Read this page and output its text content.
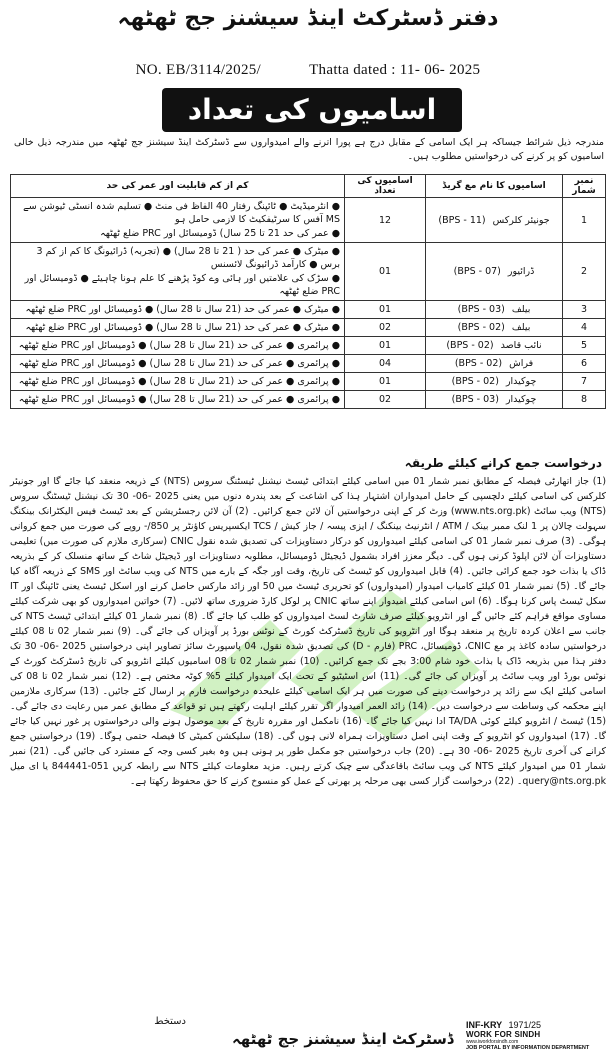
دفتر ڈسٹرکٹ اینڈ سیشنز جج ٹھٹھہ
NO. EB/3114/2025/	Thatta dated : 11- 06- 2025
اسامیوں کی تعداد
مندرجہ ذیل شرائط جیساکہ ہر ایک اسامی کے مقابل درج ہے پورا اترنے والے امیدواروں سے ڈسٹرکٹ اینڈ سیشنز جج ٹھٹھہ میں مندرجہ ذیل خالی اسامیوں کو پر کرنے کی درخواستیں مطلوب ہیں۔
نمبر شمار	اسامیوں کا نام مع گریڈ	اسامیوں کی تعداد	کم از کم قابلیت اور عمر کی حد
1	جونیئر کلرکس (BPS - 11)	12	● انٹرمیڈیٹ ● ٹائپنگ رفتار 40 الفاظ فی منٹ ● تسلیم شدہ انسٹی ٹیوشن سے MS آفس کا سرٹیفکیٹ کا لازمی حامل ہو
● عمر کی حد 21 تا 25 سال) ڈومیسائل اور PRC ضلع ٹھٹھہ

2	ڈرائیور (BPS - 07)	01	● میٹرک ● عمر کی حد ( 21 تا 28 سال) ● (تجربہ) ڈرائیونگ کا کم از کم 3 برس ● کارآمد ڈرائیونگ لائسنس
● سڑک کی علامتیں اور ہائی وے کوڈ پڑھنے کا علم ہونا چاہیئے ● ڈومیسائل اور PRC ضلع ٹھٹھہ

3	بیلف (BPS - 03)	01	● میٹرک ● عمر کی حد (21 سال تا 28 سال) ● ڈومیسائل اور PRC ضلع ٹھٹھہ

4	بیلف (BPS - 02)	02	● میٹرک ● عمر کی حد (21 سال تا 28 سال) ● ڈومیسائل اور PRC ضلع ٹھٹھہ

5	نائب قاصد (BPS - 02)	01	● پرائمری ● عمر کی حد (21 سال تا 28 سال) ● ڈومیسائل اور PRC ضلع ٹھٹھہ

6	فراش (BPS - 02)	04	● پرائمری ● عمر کی حد (21 سال تا 28 سال) ● ڈومیسائل اور PRC ضلع ٹھٹھہ

7	چوکیدار (BPS - 02)	01	● پرائمری ● عمر کی حد (21 سال تا 28 سال) ● ڈومیسائل اور PRC ضلع ٹھٹھہ

8	چوکیدار (BPS - 03)	02	● پرائمری ● عمر کی حد (21 سال تا 28 سال) ● ڈومیسائل اور PRC ضلع ٹھٹھہ
درخواست جمع کرانے کیلئے طریقہ
(1) جاز اتھارٹی فیصلہ کے مطابق نمبر شمار 01 میں اسامی کیلئے ابتدائی ٹیسٹ نیشنل ٹیسٹنگ سروس (NTS) کے ذریعہ منعقد کیا جائے گا اور جونیئر کلرکس کی اسامی کیلئے دلچسپی کے حامل امیدواران اشتہار ہذا کی اشاعت کے بعد پندرہ دنوں میں یعنی 2025 -06- 30 تک نیشنل ٹیسٹنگ سروس (NTS) ویب سائٹ (www.nts.org.pk) وزٹ کر کے اپنی درخواستیں آن لائن جمع کرائیں۔ (2) آن لائن رجسٹریشن کے بعد ٹیسٹ فیس الیکٹرانک بینکنگ سہولت چالان پر 1 لنک ممبر بینک / ATM / انٹرنیٹ بینکنگ / ایزی پیسہ / جاز کیش / TCS ایکسپریس کاؤنٹر پر 850/- روپے کی صورت میں جمع کروانی ہوگی۔ (3) صرف نمبر شمار 01 کی اسامی کیلئے امیدواروں کو درکار دستاویزات کی تصدیق شدہ نقول CNIC (سرکاری ملازم کی صورت میں) تعلیمی دستاویزات آن لائن اپلوڈ کرنی ہوں گی۔ دیگر معزز افراد بشمول ڈیجیٹل ڈومیسائل، مطلوبہ دستاویزات اور ڈیجیٹل شاٹ کے ساتھ منسلک کر کے بذریعہ ڈاک یا بذات خود جمع کرائی جائیں۔ (4) قابل امیدواروں کو ٹیسٹ کی تاریخ، وقت اور جگہ کے بارے میں NTS کی ویب سائٹ اور SMS کے ذریعہ آگاہ کیا جائے گا۔ (5) نمبر شمار 01 کیلئے کامیاب امیدوار (امیدواروں) کو تحریری ٹیسٹ میں 50 اور زائد مارکس حاصل کرنے اور اسکل ٹیسٹ یعنی ٹائپنگ اور IT سکل ٹیسٹ پاس کرنا ہوگا۔ (6) اس اسامی کیلئے امیدوار اپنے ساتھ CNIC پر لوکل کارڈ ضروری ساتھ لائیں۔ (7) خواتین امیدواروں کو بھی شرکت کیلئے مساوی مواقع فراہم کئے جائیں گے اور انٹرویو کیلئے صرف شارٹ لسٹ امیدواروں کو طلب کیا جائے گا۔ (8) نمبر شمار 01 کیلئے ابتدائی ٹیسٹ NTS کی جانب سے اعلان کردہ تاریخ پر منعقد ہوگا اور انٹرویو کی تاریخ ڈسٹرکٹ کورٹ کے نوٹس بورڈ پر آویزاں کی جائے گی۔ (9) نمبر شمار 02 تا 08 کیلئے درخواستیں سادہ کاغذ پر مع CNIC، ڈومیسائل، PRC (فارم - D) کی تصدیق شدہ نقول، 04 پاسپورٹ سائز تصاویر اپنی درخواستیں 2025 -06- 30 تک دفتر ہذا میں بذریعہ ڈاک یا بذات خود شام 3:00 بجے تک جمع کرائیں۔ (10) نمبر شمار 02 تا 08 اسامیوں کیلئے انٹرویو کی تاریخ ڈسٹرکٹ کورٹ کے نوٹس بورڈ اور ویب سائٹ پر آویزاں کی جائے گی۔ (11) اس اسٹیٹیو کے تحت ایک امیدوار کیلئے 5% کوٹہ مختص ہے۔ (12) نمبر شمار 02 تا 08 کی اسامی کیلئے ایک سے زائد پر درخواست دینے کی صورت میں ہر ایک اسامی کیلئے علیحدہ درخواست فارم پر ارسال کئے جائیں۔ (13) سرکاری ملازمین اپنے محکمہ کی وساطت سے درخواست دیں۔ (14) زائد العمر امیدوار اگر تقرر کیلئے اہلیت رکھتے ہیں تو قواعد کے مطابق عمر میں رعایت دی جائے گی۔ (15) ٹیسٹ / انٹرویو کیلئے کوئی TA/DA ادا نہیں کیا جائے گا۔ (16) نامکمل اور مقررہ تاریخ کے بعد موصول ہونے والی درخواستوں پر غور نہیں کیا جائے گا۔ (17) امیدواروں کو انٹرویو کے وقت اپنی اصل دستاویزات ہمراہ لانی ہوں گی۔ (18) سلیکشن کمیٹی کا فیصلہ حتمی ہوگا۔ (19) درخواستیں جمع کرانے کی آخری تاریخ 2025 -06- 30 ہے۔ (20) جاب درخواستیں جو مکمل طور پر ہونی ہیں وہ بغیر کسی وجہ کے مسترد کی جائیں گی۔ (21) نمبر شمار 01 میں امیدوار کیلئے NTS کی ویب سائٹ باقاعدگی سے چیک کرتے رہیں۔ مزید معلومات کیلئے NTS سے رابطہ کریں 051-844441 یا ای میل query@nts.org.pk۔ (22) درخواست گزار کسی بھی مرحلہ پر بھرتی کے عمل کو منسوخ کرنے کا حق محفوظ رکھتا ہے۔
دستخط
ڈسٹرکٹ اینڈ سیشنز جج ٹھٹھہ
INF-KRY 1971/25
WORK FOR SINDH
www.iworkforsindh.com
JOB PORTAL BY INFORMATION DEPARTMENT
